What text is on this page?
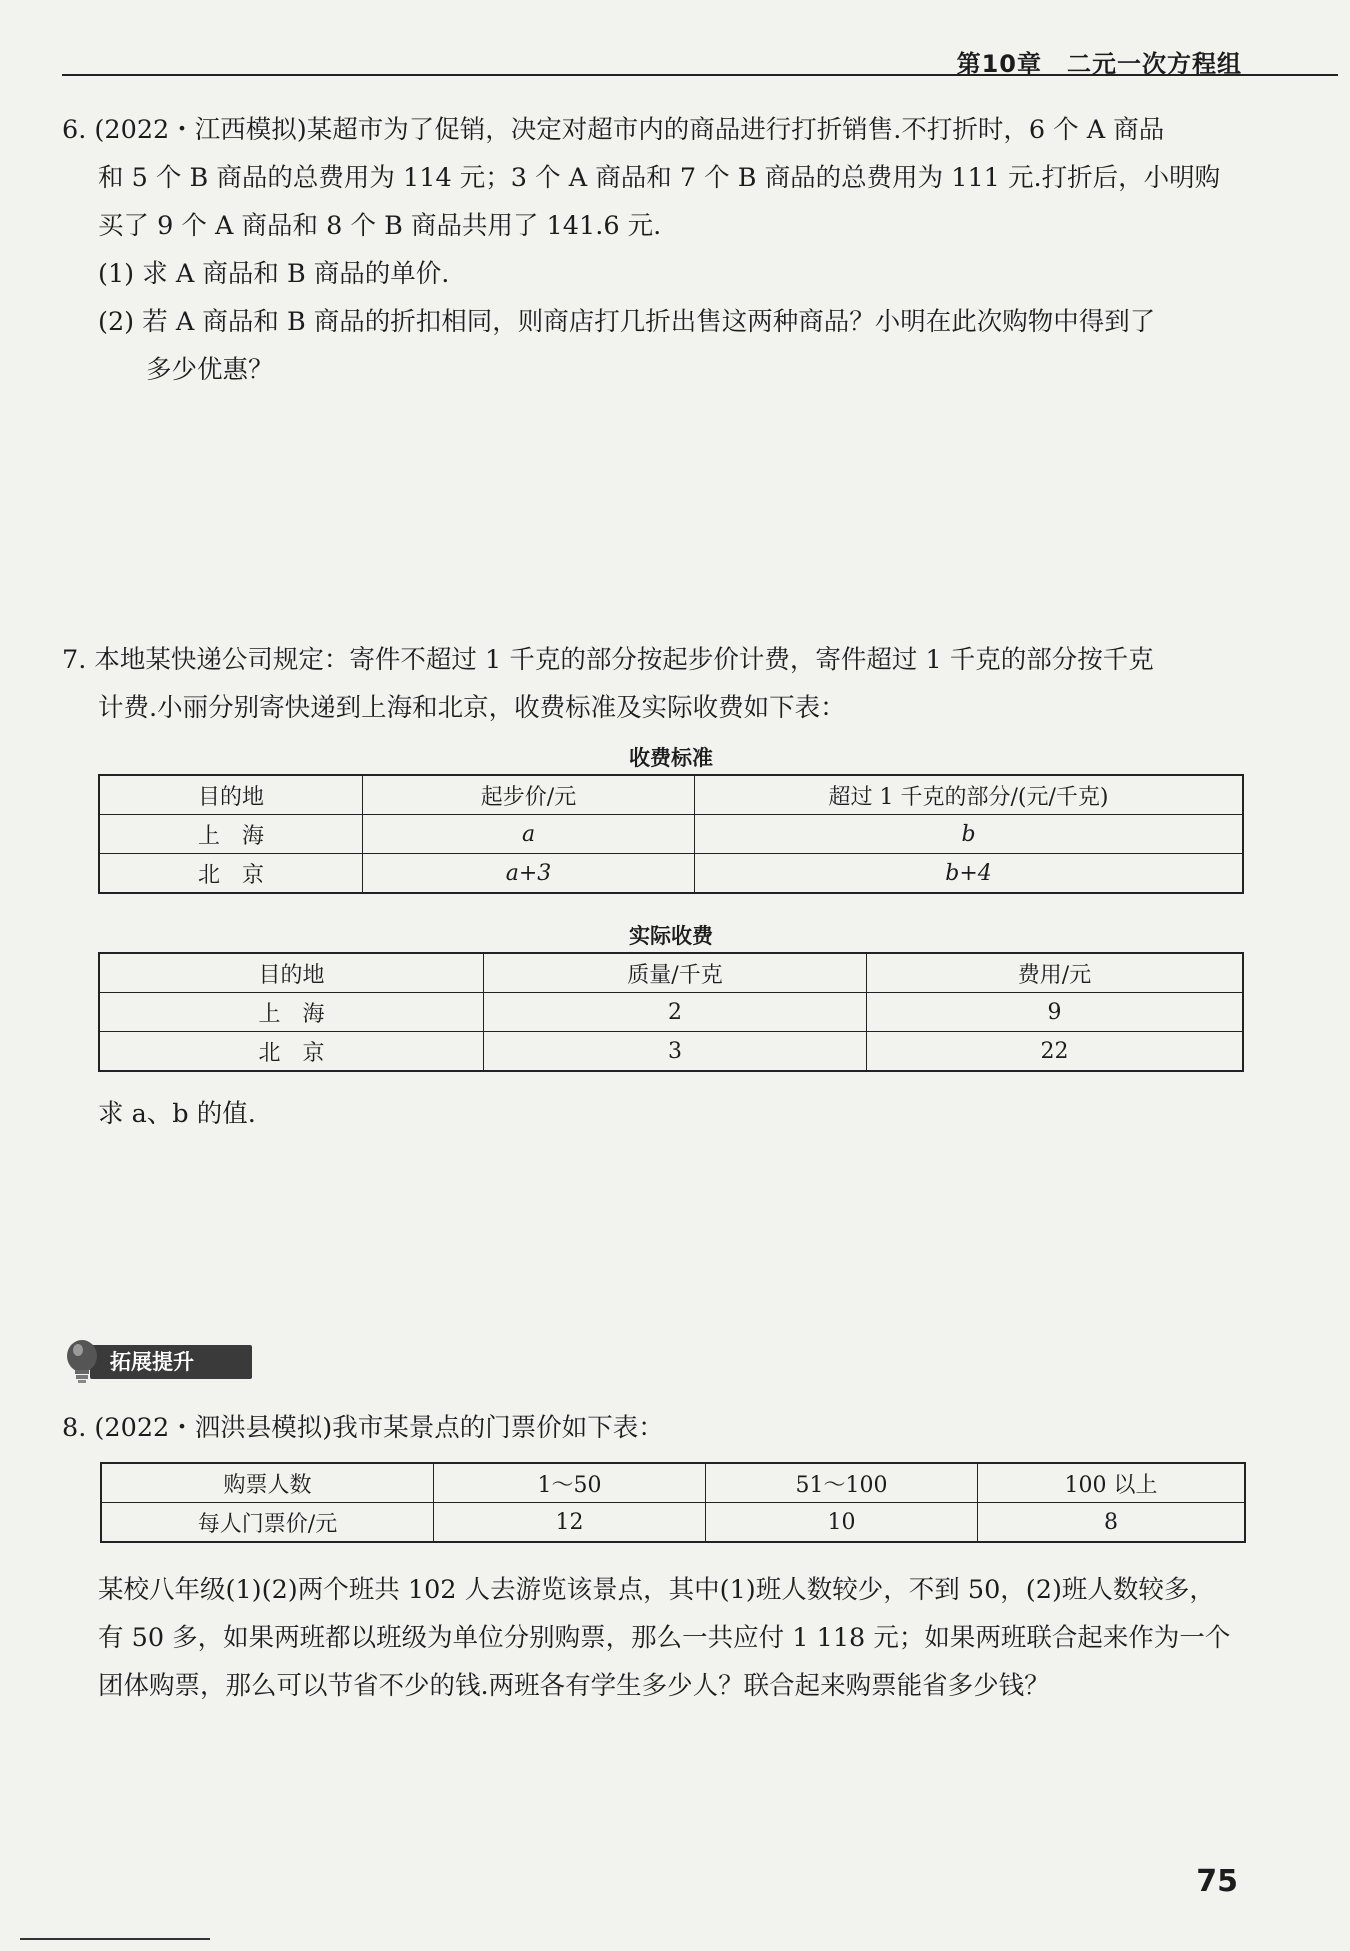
第10章　二元一次方程组

6. (2022・江西模拟)某超市为了促销，决定对超市内的商品进行打折销售.不打折时，6 个 A 商品

和 5 个 B 商品的总费用为 114 元；3 个 A 商品和 7 个 B 商品的总费用为 111 元.打折后，小明购

买了 9 个 A 商品和 8 个 B 商品共用了 141.6 元.

(1) 求 A 商品和 B 商品的单价.

(2) 若 A 商品和 B 商品的折扣相同，则商店打几折出售这两种商品？小明在此次购物中得到了

多少优惠？

7. 本地某快递公司规定：寄件不超过 1 千克的部分按起步价计费，寄件超过 1 千克的部分按千克

计费.小丽分别寄快递到上海和北京，收费标准及实际收费如下表：

收费标准
目的地	起步价/元	超过 1 千克的部分/(元/千克)
上　海	a	b
北　京	a+3	b+4
实际收费
目的地	质量/千克	费用/元
上　海	2	9
北　京	3	22

求 a、b 的值.

拓展提升

8. (2022・泗洪县模拟)我市某景点的门票价如下表：

购票人数	1～50	51～100	100 以上
每人门票价/元	12	10	8

某校八年级(1)(2)两个班共 102 人去游览该景点，其中(1)班人数较少，不到 50，(2)班人数较多，

有 50 多，如果两班都以班级为单位分别购票，那么一共应付 1 118 元；如果两班联合起来作为一个

团体购票，那么可以节省不少的钱.两班各有学生多少人？联合起来购票能省多少钱？

75
